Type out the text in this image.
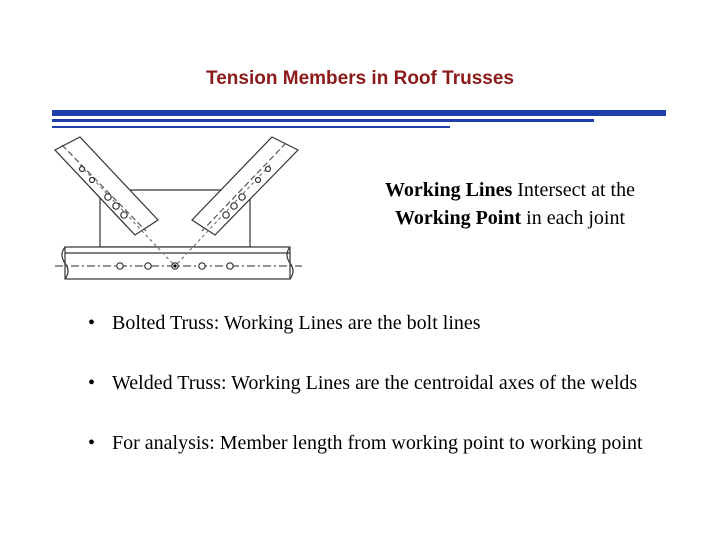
Tension Members in Roof Trusses
Working Lines Intersect at the
Working Point in each joint
• Bolted Truss: Working Lines are the bolt lines
• Welded Truss: Working Lines are the centroidal axes of the welds
• For analysis: Member length from working point to working point
